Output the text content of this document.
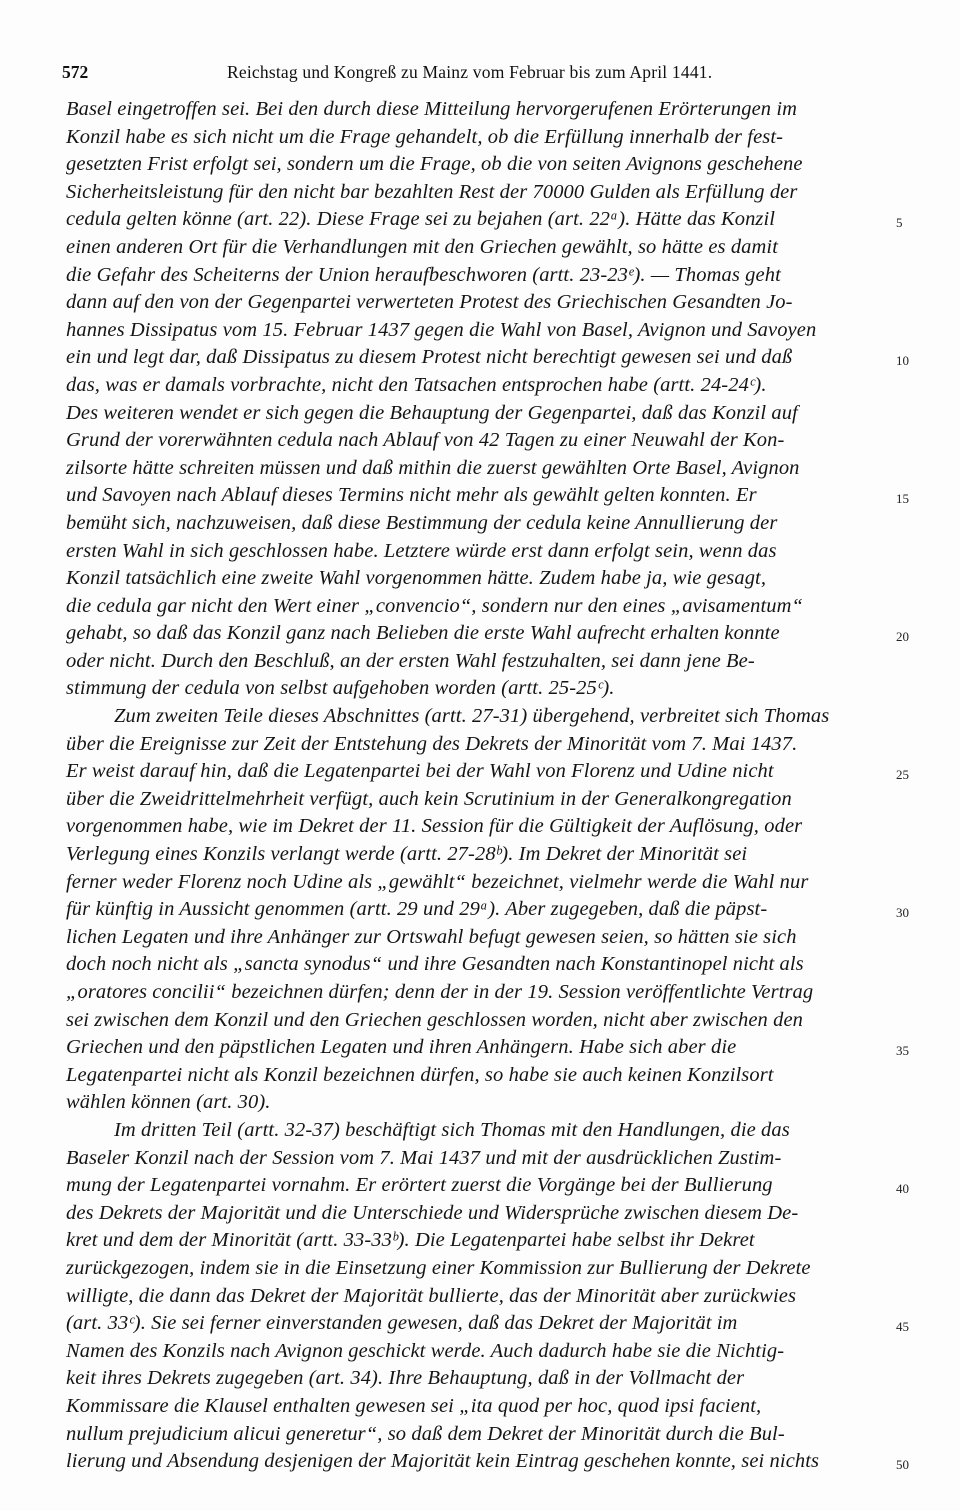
572	Reichstag und Kongreß zu Mainz vom Februar bis zum April 1441.
Basel eingetroffen sei. Bei den durch diese Mitteilung hervorgerufenen Erörterungen im
Konzil habe es sich nicht um die Frage gehandelt, ob die Erfüllung innerhalb der fest-
gesetzten Frist erfolgt sei, sondern um die Frage, ob die von seiten Avignons geschehene
Sicherheitsleistung für den nicht bar bezahlten Rest der 70000 Gulden als Erfüllung der
cedula gelten könne (art. 22). Diese Frage sei zu bejahen (art. 22ᵃ). Hätte das Konzil
einen anderen Ort für die Verhandlungen mit den Griechen gewählt, so hätte es damit
die Gefahr des Scheiterns der Union heraufbeschworen (artt. 23-23ᵉ). — Thomas geht
dann auf den von der Gegenpartei verwerteten Protest des Griechischen Gesandten Jo-
hannes Dissipatus vom 15. Februar 1437 gegen die Wahl von Basel, Avignon und Savoyen
ein und legt dar, daß Dissipatus zu diesem Protest nicht berechtigt gewesen sei und daß
das, was er damals vorbrachte, nicht den Tatsachen entsprochen habe (artt. 24-24ᶜ).
Des weiteren wendet er sich gegen die Behauptung der Gegenpartei, daß das Konzil auf
Grund der vorerwähnten cedula nach Ablauf von 42 Tagen zu einer Neuwahl der Kon-
zilsorte hätte schreiten müssen und daß mithin die zuerst gewählten Orte Basel, Avignon
und Savoyen nach Ablauf dieses Termins nicht mehr als gewählt gelten konnten. Er
bemüht sich, nachzuweisen, daß diese Bestimmung der cedula keine Annullierung der
ersten Wahl in sich geschlossen habe. Letztere würde erst dann erfolgt sein, wenn das
Konzil tatsächlich eine zweite Wahl vorgenommen hätte. Zudem habe ja, wie gesagt,
die cedula gar nicht den Wert einer „convencio“, sondern nur den eines „avisamentum“
gehabt, so daß das Konzil ganz nach Belieben die erste Wahl aufrecht erhalten konnte
oder nicht. Durch den Beschluß, an der ersten Wahl festzuhalten, sei dann jene Be-
stimmung der cedula von selbst aufgehoben worden (artt. 25-25ᶜ).
Zum zweiten Teile dieses Abschnittes (artt. 27-31) übergehend, verbreitet sich Thomas
über die Ereignisse zur Zeit der Entstehung des Dekrets der Minorität vom 7. Mai 1437.
Er weist darauf hin, daß die Legatenpartei bei der Wahl von Florenz und Udine nicht
über die Zweidrittelmehrheit verfügt, auch kein Scrutinium in der Generalkongregation
vorgenommen habe, wie im Dekret der 11. Session für die Gültigkeit der Auflösung, oder
Verlegung eines Konzils verlangt werde (artt. 27-28ᵇ). Im Dekret der Minorität sei
ferner weder Florenz noch Udine als „gewählt“ bezeichnet, vielmehr werde die Wahl nur
für künftig in Aussicht genommen (artt. 29 und 29ᵃ). Aber zugegeben, daß die päpst-
lichen Legaten und ihre Anhänger zur Ortswahl befugt gewesen seien, so hätten sie sich
doch noch nicht als „sancta synodus“ und ihre Gesandten nach Konstantinopel nicht als
„oratores concilii“ bezeichnen dürfen; denn der in der 19. Session veröffentlichte Vertrag
sei zwischen dem Konzil und den Griechen geschlossen worden, nicht aber zwischen den
Griechen und den päpstlichen Legaten und ihren Anhängern. Habe sich aber die
Legatenpartei nicht als Konzil bezeichnen dürfen, so habe sie auch keinen Konzilsort
wählen können (art. 30).
Im dritten Teil (artt. 32-37) beschäftigt sich Thomas mit den Handlungen, die das
Baseler Konzil nach der Session vom 7. Mai 1437 und mit der ausdrücklichen Zustim-
mung der Legatenpartei vornahm. Er erörtert zuerst die Vorgänge bei der Bullierung
des Dekrets der Majorität und die Unterschiede und Widersprüche zwischen diesem De-
kret und dem der Minorität (artt. 33-33ᵇ). Die Legatenpartei habe selbst ihr Dekret
zurückgezogen, indem sie in die Einsetzung einer Kommission zur Bullierung der Dekrete
willigte, die dann das Dekret der Majorität bullierte, das der Minorität aber zurückwies
(art. 33ᶜ). Sie sei ferner einverstanden gewesen, daß das Dekret der Majorität im
Namen des Konzils nach Avignon geschickt werde. Auch dadurch habe sie die Nichtig-
keit ihres Dekrets zugegeben (art. 34). Ihre Behauptung, daß in der Vollmacht der
Kommissare die Klausel enthalten gewesen sei „ita quod per hoc, quod ipsi facient,
nullum prejudicium alicui generetur“, so daß dem Dekret der Minorität durch die Bul-
lierung und Absendung desjenigen der Majorität kein Eintrag geschehen konnte, sei nichts
5
10
15
20
25
30
35
40
45
50
